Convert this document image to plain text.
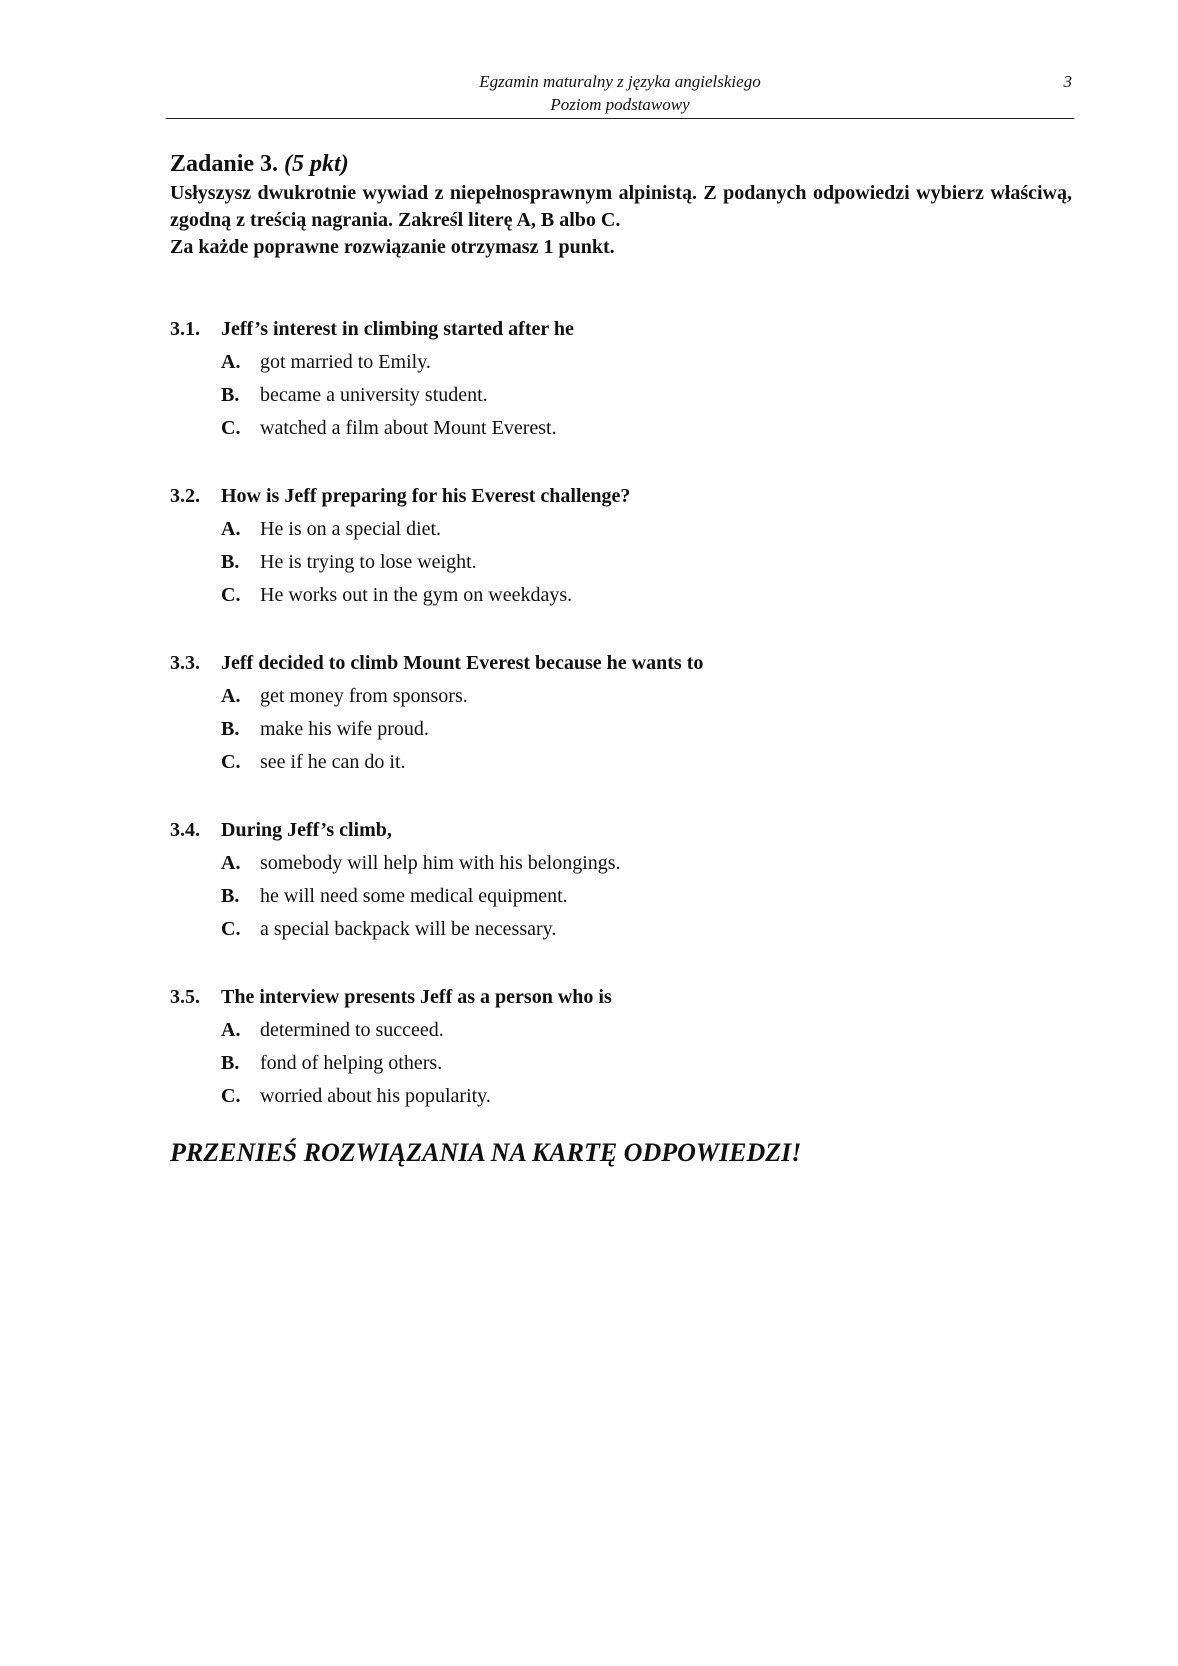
Egzamin maturalny z języka angielskiego
Poziom podstawowy
3
Zadanie 3. (5 pkt)

Usłyszysz dwukrotnie wywiad z niepełnosprawnym alpinistą. Z podanych odpowiedzi wybierz właściwą, zgodną z treścią nagrania. Zakreśl literę A, B albo C.

Za każde poprawne rozwiązanie otrzymasz 1 punkt.

3.1.	Jeff’s interest in climbing started after he
A. got married to Emily.
B.	became a university student.
C. watched a film about Mount Everest.
3.2.	How is Jeff preparing for his Everest challenge?
A. He is on a special diet.
B.	He is trying to lose weight.
C. He works out in the gym on weekdays.
3.3.	Jeff decided to climb Mount Everest because he wants to
A. get money from sponsors.
B.	make his wife proud.
C. see if he can do it.
3.4.	During Jeff’s climb,
A. somebody will help him with his belongings.
B.	he will need some medical equipment.
C. a special backpack will be necessary.
3.5.	The interview presents Jeff as a person who is
A. determined to succeed.
B.	fond of helping others.
C. worried about his popularity.

PRZENIEŚ ROZWIĄZANIA NA KARTĘ ODPOWIEDZI!
